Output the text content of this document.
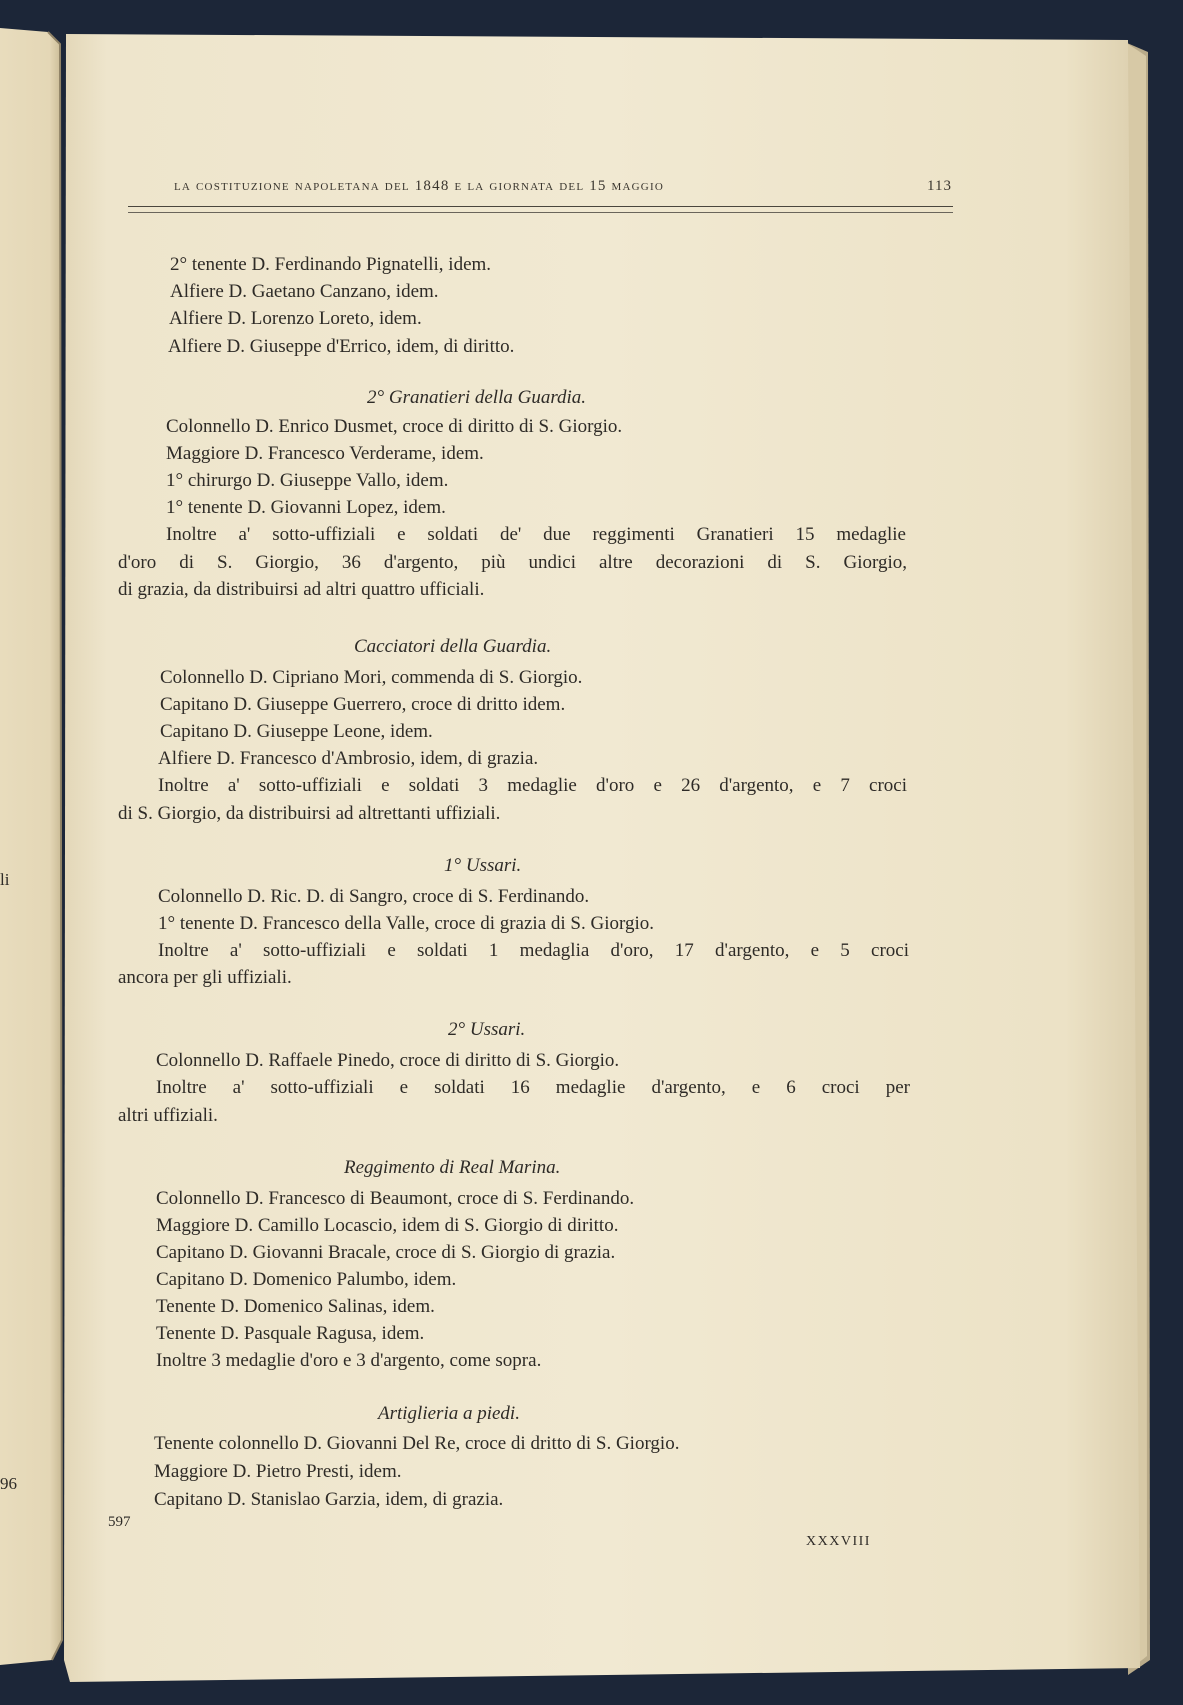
la costituzione napoletana del 1848 e la giornata del 15 maggio	113
2° tenente D. Ferdinando Pignatelli, idem.
Alfiere D. Gaetano Canzano, idem.
Alfiere D. Lorenzo Loreto, idem.
Alfiere D. Giuseppe d'Errico, idem, di diritto.
2° Granatieri della Guardia.
Colonnello D. Enrico Dusmet, croce di diritto di S. Giorgio.
Maggiore D. Francesco Verderame, idem.
1° chirurgo D. Giuseppe Vallo, idem.
1° tenente D. Giovanni Lopez, idem.
Inoltre a' sotto-uffiziali e soldati de' due reggimenti Granatieri 15 medaglie
d'oro di S. Giorgio, 36 d'argento, più undici altre decorazioni di S. Giorgio,
di grazia, da distribuirsi ad altri quattro ufficiali.
Cacciatori della Guardia.
Colonnello D. Cipriano Mori, commenda di S. Giorgio.
Capitano D. Giuseppe Guerrero, croce di dritto idem.
Capitano D. Giuseppe Leone, idem.
Alfiere D. Francesco d'Ambrosio, idem, di grazia.
Inoltre a' sotto-uffiziali e soldati 3 medaglie d'oro e 26 d'argento, e 7 croci
di S. Giorgio, da distribuirsi ad altrettanti uffiziali.
1° Ussari.
Colonnello D. Ric. D. di Sangro, croce di S. Ferdinando.
1° tenente D. Francesco della Valle, croce di grazia di S. Giorgio.
Inoltre a' sotto-uffiziali e soldati 1 medaglia d'oro, 17 d'argento, e 5 croci
ancora per gli uffiziali.
2° Ussari.
Colonnello D. Raffaele Pinedo, croce di diritto di S. Giorgio.
Inoltre a' sotto-uffiziali e soldati 16 medaglie d'argento, e 6 croci per
altri uffiziali.
Reggimento di Real Marina.
Colonnello D. Francesco di Beaumont, croce di S. Ferdinando.
Maggiore D. Camillo Locascio, idem di S. Giorgio di diritto.
Capitano D. Giovanni Bracale, croce di S. Giorgio di grazia.
Capitano D. Domenico Palumbo, idem.
Tenente D. Domenico Salinas, idem.
Tenente D. Pasquale Ragusa, idem.
Inoltre 3 medaglie d'oro e 3 d'argento, come sopra.
Artiglieria a piedi.
Tenente colonnello D. Giovanni Del Re, croce di dritto di S. Giorgio.
Maggiore D. Pietro Presti, idem.
Capitano D. Stanislao Garzia, idem, di grazia.
597
XXXVIII
li
96
